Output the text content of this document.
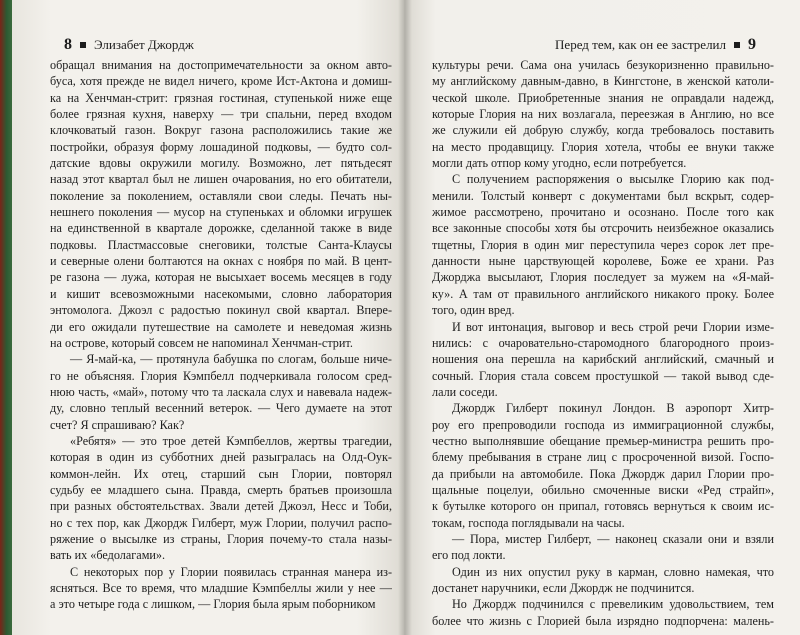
8 Элизабет Джордж
обращал внимания на достопримечательности за окном авто-
буса, хотя прежде не видел ничего, кроме Ист-Актона и домиш-
ка на Хенчман-стрит: грязная гостиная, ступенькой ниже еще
более грязная кухня, наверху — три спальни, перед входом
клочковатый газон. Вокруг газона расположились такие же
постройки, образуя форму лошадиной подковы, — будто сол-
датские вдовы окружили могилу. Возможно, лет пятьдесят
назад этот квартал был не лишен очарования, но его обитатели,
поколение за поколением, оставляли свои следы. Печать ны-
нешнего поколения — мусор на ступеньках и обломки игрушек
на единственной в квартале дорожке, сделанной также в виде
подковы. Пластмассовые снеговики, толстые Санта-Клаусы
и северные олени болтаются на окнах с ноября по май. В цент-
ре газона — лужа, которая не высыхает восемь месяцев в году
и кишит всевозможными насекомыми, словно лаборатория
энтомолога. Джоэл с радостью покинул свой квартал. Впере-
ди его ожидали путешествие на самолете и неведомая жизнь
на острове, который совсем не напоминал Хенчман-стрит.
— Я-май-ка, — протянула бабушка по слогам, больше ниче-
го не объясняя. Глория Кэмпбелл подчеркивала голосом сред-
нюю часть, «май», потому что та ласкала слух и навевала надеж-
ду, словно теплый весенний ветерок. — Чего думаете на этот
счет? Я спрашиваю? Как?
«Ребятя» — это трое детей Кэмпбеллов, жертвы трагедии,
которая в один из субботних дней разыгралась на Олд-Оук-
коммон-лейн. Их отец, старший сын Глории, повторял
судьбу ее младшего сына. Правда, смерть братьев произошла
при разных обстоятельствах. Звали детей Джоэл, Несс и Тоби,
но с тех пор, как Джордж Гилберт, муж Глории, получил распо-
ряжение о высылке из страны, Глория почему-то стала назы-
вать их «бедолагами».
С некоторых пор у Глории появилась странная манера из-
ясняться. Все то время, что младшие Кэмпбеллы жили у нее —
а это четыре года с лишком, — Глория была ярым поборником
Перед тем, как он ее застрелил 9
культуры речи. Сама она училась безукоризненно правильно-
му английскому давным-давно, в Кингстоне, в женской католи-
ческой школе. Приобретенные знания не оправдали надежд,
которые Глория на них возлагала, переезжая в Англию, но все
же служили ей добрую службу, когда требовалось поставить
на место продавщицу. Глория хотела, чтобы ее внуки также
могли дать отпор кому угодно, если потребуется.
С получением распоряжения о высылке Глорию как под-
менили. Толстый конверт с документами был вскрыт, содер-
жимое рассмотрено, прочитано и осознано. После того как
все законные способы хотя бы отсрочить неизбежное оказались
тщетны, Глория в один миг переступила через сорок лет пре-
данности ныне царствующей королеве, Боже ее храни. Раз
Джорджа высылают, Глория последует за мужем на «Я-май-
ку». А там от правильного английского никакого проку. Более
того, один вред.
И вот интонация, выговор и весь строй речи Глории изме-
нились: с очаровательно-старомодного благородного произ-
ношения она перешла на карибский английский, смачный и
сочный. Глория стала совсем простушкой — такой вывод сде-
лали соседи.
Джордж Гилберт покинул Лондон. В аэропорт Хитр-
роу его препроводили господа из иммиграционной службы,
честно выполнявшие обещание премьер-министра решить про-
блему пребывания в стране лиц с просроченной визой. Госпо-
да прибыли на автомобиле. Пока Джордж дарил Глории про-
щальные поцелуи, обильно смоченные виски «Ред страйп»,
к бутылке которого он припал, готовясь вернуться к своим ис-
токам, господа поглядывали на часы.
— Пора, мистер Гилберт, — наконец сказали они и взяли
его под локти.
Один из них опустил руку в карман, словно намекая, что
достанет наручники, если Джордж не подчинится.
Но Джордж подчинился с превеликим удовольствием, тем
более что жизнь с Глорией была изрядно подпорчена: малень-
